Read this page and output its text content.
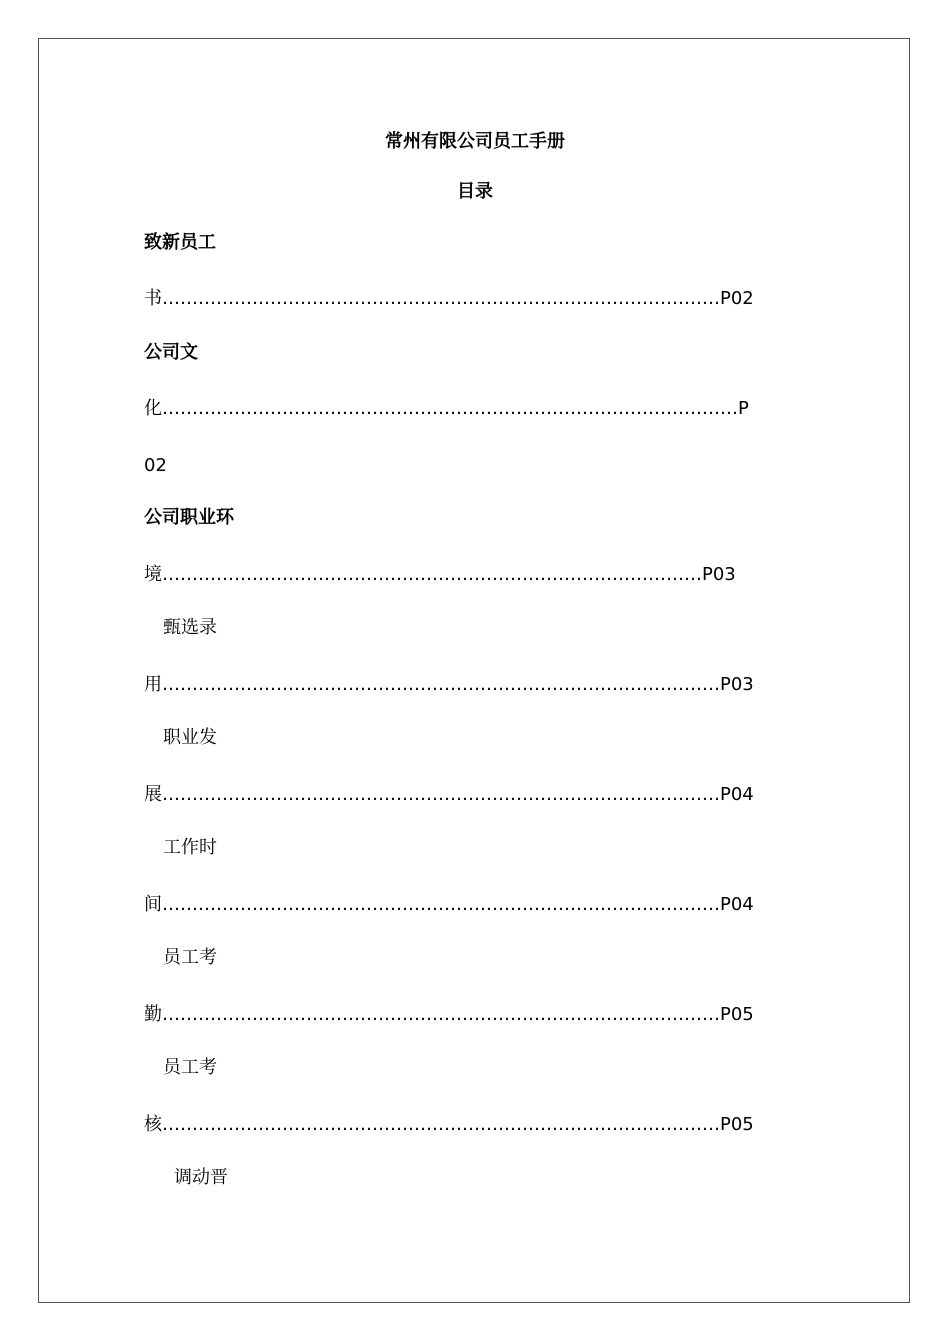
常州有限公司员工手册
目录
致新员工
书…………………………………………………………………………………P02
公司文
化……………………………………………………………………………………P
02
公司职业环
境………………………………………………………………………………P03
甄选录
用…………………………………………………………………………………P03
职业发
展…………………………………………………………………………………P04
工作时
间…………………………………………………………………………………P04
员工考
勤…………………………………………………………………………………P05
员工考
核…………………………………………………………………………………P05
调动晋
